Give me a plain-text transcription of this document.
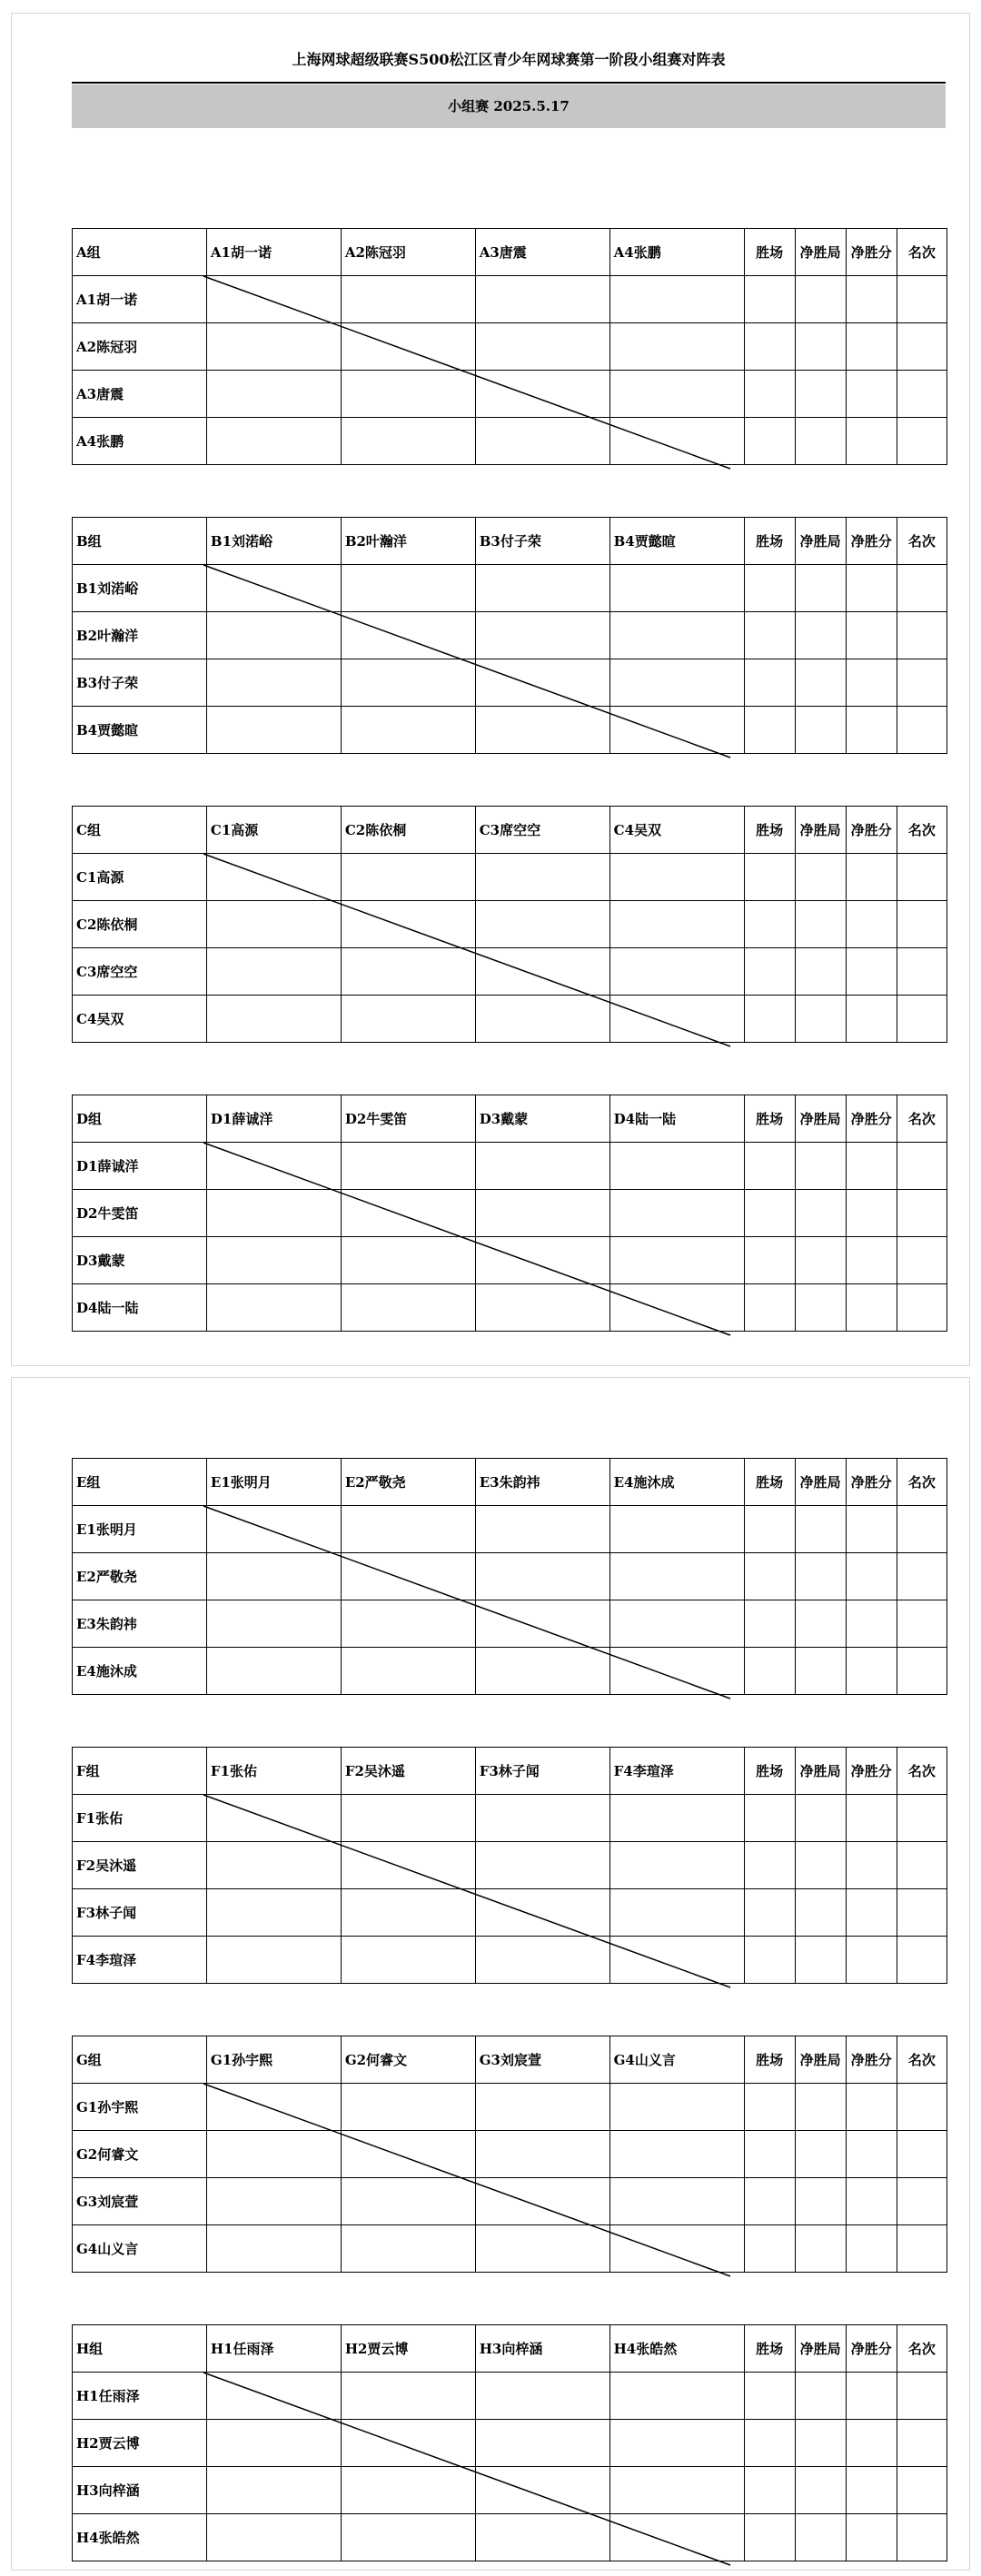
上海网球超级联赛S500松江区青少年网球赛第一阶段小组赛对阵表
小组赛 2025.5.17
A组	A1胡一诺	A2陈冠羽	A3唐震	A4张鹏	胜场	净胜局	净胜分	名次
A1胡一诺								
A2陈冠羽								
A3唐震								
A4张鹏								
B组	B1刘渃峪	B2叶瀚洋	B3付子荣	B4贾懿暄	胜场	净胜局	净胜分	名次
B1刘渃峪								
B2叶瀚洋								
B3付子荣								
B4贾懿暄								
C组	C1高源	C2陈依桐	C3席空空	C4吴双	胜场	净胜局	净胜分	名次
C1高源								
C2陈依桐								
C3席空空								
C4吴双								
D组	D1薛诚洋	D2牛雯笛	D3戴蒙	D4陆一陆	胜场	净胜局	净胜分	名次
D1薛诚洋								
D2牛雯笛								
D3戴蒙								
D4陆一陆								
E组	E1张明月	E2严敬尧	E3朱韵祎	E4施沐成	胜场	净胜局	净胜分	名次
E1张明月								
E2严敬尧								
E3朱韵祎								
E4施沐成								
F组	F1张佑	F2吴沐遥	F3林子闻	F4李瑄泽	胜场	净胜局	净胜分	名次
F1张佑								
F2吴沐遥								
F3林子闻								
F4李瑄泽								
G组	G1孙宇熙	G2何睿文	G3刘宸萱	G4山义言	胜场	净胜局	净胜分	名次
G1孙宇熙								
G2何睿文								
G3刘宸萱								
G4山义言								
H组	H1任雨泽	H2贾云博	H3向梓涵	H4张皓然	胜场	净胜局	净胜分	名次
H1任雨泽								
H2贾云博								
H3向梓涵								
H4张皓然								
